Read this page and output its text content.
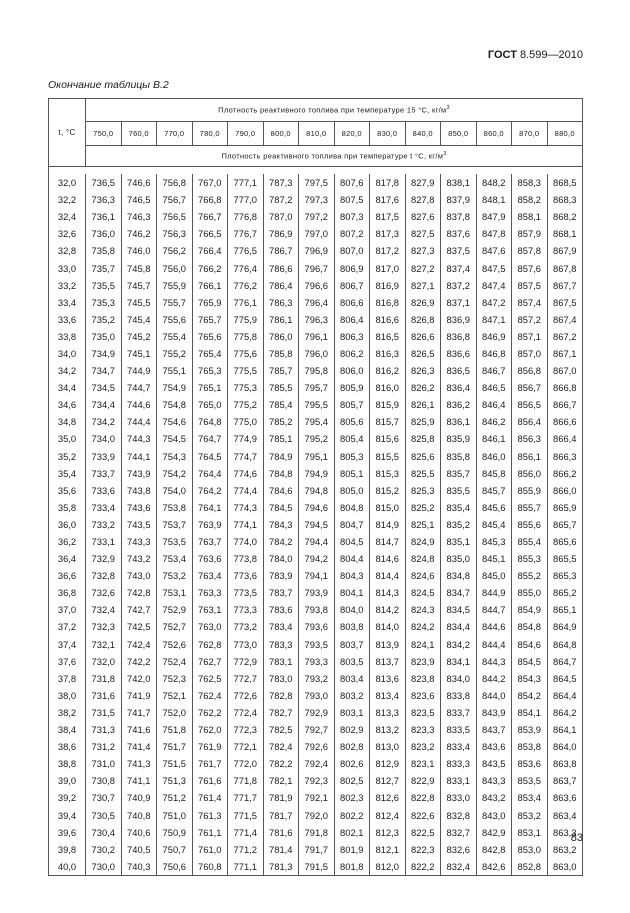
ГОСТ 8.599—2010
Окончание таблицы В.2
t, °C	Плотность реактивного топлива при температуре 15 °С, $кг/м^3$
	750,0	760,0	770,0	780,0	790,0	800,0	810,0	820,0	830,0	840,0	850,0	860,0	870,0	880,0
	Плотность реактивного топлива при температуре t °С, $кг/м^3$

32,0	736,5	746,6	756,8	767,0	777,1	787,3	797,5	807,6	817,8	827,9	838,1	848,2	858,3	868,5
32,2	736,3	746,5	756,7	766,8	777,0	787,2	797,3	807,5	817,6	827,8	837,9	848,1	858,2	868,3
32,4	736,1	746,3	756,5	766,7	776,8	787,0	797,2	807,3	817,5	827,6	837,8	847,9	858,1	868,2
32,6	736,0	746,2	756,3	766,5	776,7	786,9	797,0	807,2	817,3	827,5	837,6	847,8	857,9	868,1
32,8	735,8	746,0	756,2	766,4	776,5	786,7	796,9	807,0	817,2	827,3	837,5	847,6	857,8	867,9
33,0	735,7	745,8	756,0	766,2	776,4	786,6	796,7	806,9	817,0	827,2	837,4	847,5	857,6	867,8
33,2	735,5	745,7	755,9	766,1	776,2	786,4	796,6	806,7	816,9	827,1	837,2	847,4	857,5	867,7
33,4	735,3	745,5	755,7	765,9	776,1	786,3	796,4	806,6	816,8	826,9	837,1	847,2	857,4	867,5
33,6	735,2	745,4	755,6	765,7	775,9	786,1	796,3	806,4	816,6	826,8	836,9	847,1	857,2	867,4
33,8	735,0	745,2	755,4	765,6	775,8	786,0	796,1	806,3	816,5	826,6	836,8	846,9	857,1	867,2
34,0	734,9	745,1	755,2	765,4	775,6	785,8	796,0	806,2	816,3	826,5	836,6	846,8	857,0	867,1
34,2	734,7	744,9	755,1	765,3	775,5	785,7	795,8	806,0	816,2	826,3	836,5	846,7	856,8	867,0
34,4	734,5	744,7	754,9	765,1	775,3	785,5	795,7	805,9	816,0	826,2	836,4	846,5	856,7	866,8
34,6	734,4	744,6	754,8	765,0	775,2	785,4	795,5	805,7	815,9	826,1	836,2	846,4	856,5	866,7
34,8	734,2	744,4	754,6	764,8	775,0	785,2	795,4	805,6	815,7	825,9	836,1	846,2	856,4	866,6
35,0	734,0	744,3	754,5	764,7	774,9	785,1	795,2	805,4	815,6	825,8	835,9	846,1	856,3	866,4
35,2	733,9	744,1	754,3	764,5	774,7	784,9	795,1	805,3	815,5	825,6	835,8	846,0	856,1	866,3
35,4	733,7	743,9	754,2	764,4	774,6	784,8	794,9	805,1	815,3	825,5	835,7	845,8	856,0	866,2
35,6	733,6	743,8	754,0	764,2	774,4	784,6	794,8	805,0	815,2	825,3	835,5	845,7	855,9	866,0
35,8	733,4	743,6	753,8	764,1	774,3	784,5	794,6	804,8	815,0	825,2	835,4	845,6	855,7	865,9
36,0	733,2	743,5	753,7	763,9	774,1	784,3	794,5	804,7	814,9	825,1	835,2	845,4	855,6	865,7
36,2	733,1	743,3	753,5	763,7	774,0	784,2	794,4	804,5	814,7	824,9	835,1	845,3	855,4	865,6
36,4	732,9	743,2	753,4	763,6	773,8	784,0	794,2	804,4	814,6	824,8	835,0	845,1	855,3	865,5
36,6	732,8	743,0	753,2	763,4	773,6	783,9	794,1	804,3	814,4	824,6	834,8	845,0	855,2	865,3
36,8	732,6	742,8	753,1	763,3	773,5	783,7	793,9	804,1	814,3	824,5	834,7	844,9	855,0	865,2
37,0	732,4	742,7	752,9	763,1	773,3	783,6	793,8	804,0	814,2	824,3	834,5	844,7	854,9	865,1
37,2	732,3	742,5	752,7	763,0	773,2	783,4	793,6	803,8	814,0	824,2	834,4	844,6	854,8	864,9
37,4	732,1	742,4	752,6	762,8	773,0	783,3	793,5	803,7	813,9	824,1	834,2	844,4	854,6	864,8
37,6	732,0	742,2	752,4	762,7	772,9	783,1	793,3	803,5	813,7	823,9	834,1	844,3	854,5	864,7
37,8	731,8	742,0	752,3	762,5	772,7	783,0	793,2	803,4	813,6	823,8	834,0	844,2	854,3	864,5
38,0	731,6	741,9	752,1	762,4	772,6	782,8	793,0	803,2	813,4	823,6	833,8	844,0	854,2	864,4
38,2	731,5	741,7	752,0	762,2	772,4	782,7	792,9	803,1	813,3	823,5	833,7	843,9	854,1	864,2
38,4	731,3	741,6	751,8	762,0	772,3	782,5	792,7	802,9	813,2	823,3	833,5	843,7	853,9	864,1
38,6	731,2	741,4	751,7	761,9	772,1	782,4	792,6	802,8	813,0	823,2	833,4	843,6	853,8	864,0
38,8	731,0	741,3	751,5	761,7	772,0	782,2	792,4	802,6	812,9	823,1	833,3	843,5	853,6	863,8
39,0	730,8	741,1	751,3	761,6	771,8	782,1	792,3	802,5	812,7	822,9	833,1	843,3	853,5	863,7
39,2	730,7	740,9	751,2	761,4	771,7	781,9	792,1	802,3	812,6	822,8	833,0	843,2	853,4	863,6
39,4	730,5	740,8	751,0	761,3	771,5	781,7	792,0	802,2	812,4	822,6	832,8	843,0	853,2	863,4
39,6	730,4	740,6	750,9	761,1	771,4	781,6	791,8	802,1	812,3	822,5	832,7	842,9	853,1	863,3
39,8	730,2	740,5	750,7	761,0	771,2	781,4	791,7	801,9	812,1	822,3	832,6	842,8	853,0	863,2
40,0	730,0	740,3	750,6	760,8	771,1	781,3	791,5	801,8	812,0	822,2	832,4	842,6	852,8	863,0
83
